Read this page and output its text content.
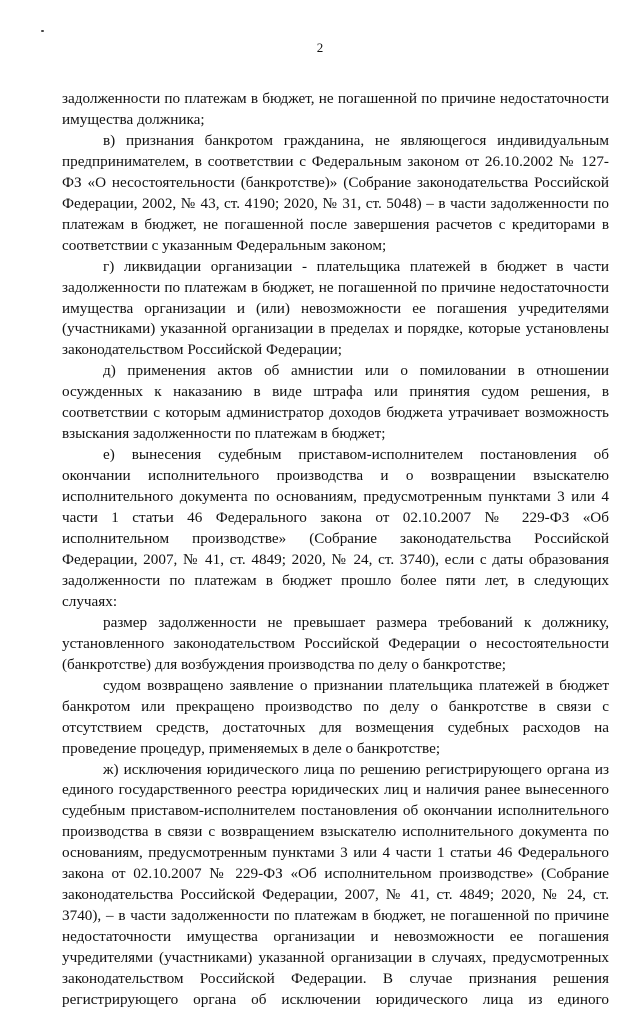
2

задолженности по платежам в бюджет, не погашенной по причине недостаточности имущества должника;

в) признания банкротом гражданина, не являющегося индивидуальным предпринимателем, в соответствии с Федеральным законом от 26.10.2002 № 127-ФЗ «О несостоятельности (банкротстве)» (Собрание законодательства Российской Федерации, 2002, № 43, ст. 4190; 2020, № 31, ст. 5048) – в части задолженности по платежам в бюджет, не погашенной после завершения расчетов с кредиторами в соответствии с указанным Федеральным законом;

г) ликвидации организации - плательщика платежей в бюджет в части задолженности по платежам в бюджет, не погашенной по причине недостаточности имущества организации и (или) невозможности ее погашения учредителями (участниками) указанной организации в пределах и порядке, которые установлены законодательством Российской Федерации;

д) применения актов об амнистии или о помиловании в отношении осужденных к наказанию в виде штрафа или принятия судом решения, в соответствии с которым администратор доходов бюджета утрачивает возможность взыскания задолженности по платежам в бюджет;

е) вынесения судебным приставом-исполнителем постановления об окончании исполнительного производства и о возвращении взыскателю исполнительного документа по основаниям, предусмотренным пунктами 3 или 4 части 1 статьи 46 Федерального закона от 02.10.2007 № 229-ФЗ «Об исполнительном производстве» (Собрание законодательства Российской Федерации, 2007, № 41, ст. 4849; 2020, № 24, ст. 3740), если с даты образования задолженности по платежам в бюджет прошло более пяти лет, в следующих случаях:

размер задолженности не превышает размера требований к должнику, установленного законодательством Российской Федерации о несостоятельности (банкротстве) для возбуждения производства по делу о банкротстве;

судом возвращено заявление о признании плательщика платежей в бюджет банкротом или прекращено производство по делу о банкротстве в связи с отсутствием средств, достаточных для возмещения судебных расходов на проведение процедур, применяемых в деле о банкротстве;

ж) исключения юридического лица по решению регистрирующего органа из единого государственного реестра юридических лиц и наличия ранее вынесенного судебным приставом-исполнителем постановления об окончании исполнительного производства в связи с возвращением взыскателю исполнительного документа по основаниям, предусмотренным пунктами 3 или 4 части 1 статьи 46 Федерального закона от 02.10.2007 № 229-ФЗ «Об исполнительном производстве» (Собрание законодательства Российской Федерации, 2007, № 41, ст. 4849; 2020, № 24, ст. 3740), – в части задолженности по платежам в бюджет, не погашенной по причине недостаточности имущества организации и невозможности ее погашения учредителями (участниками) указанной организации в случаях, предусмотренных законодательством Российской Федерации. В случае признания решения регистрирующего органа об исключении юридического лица из единого
